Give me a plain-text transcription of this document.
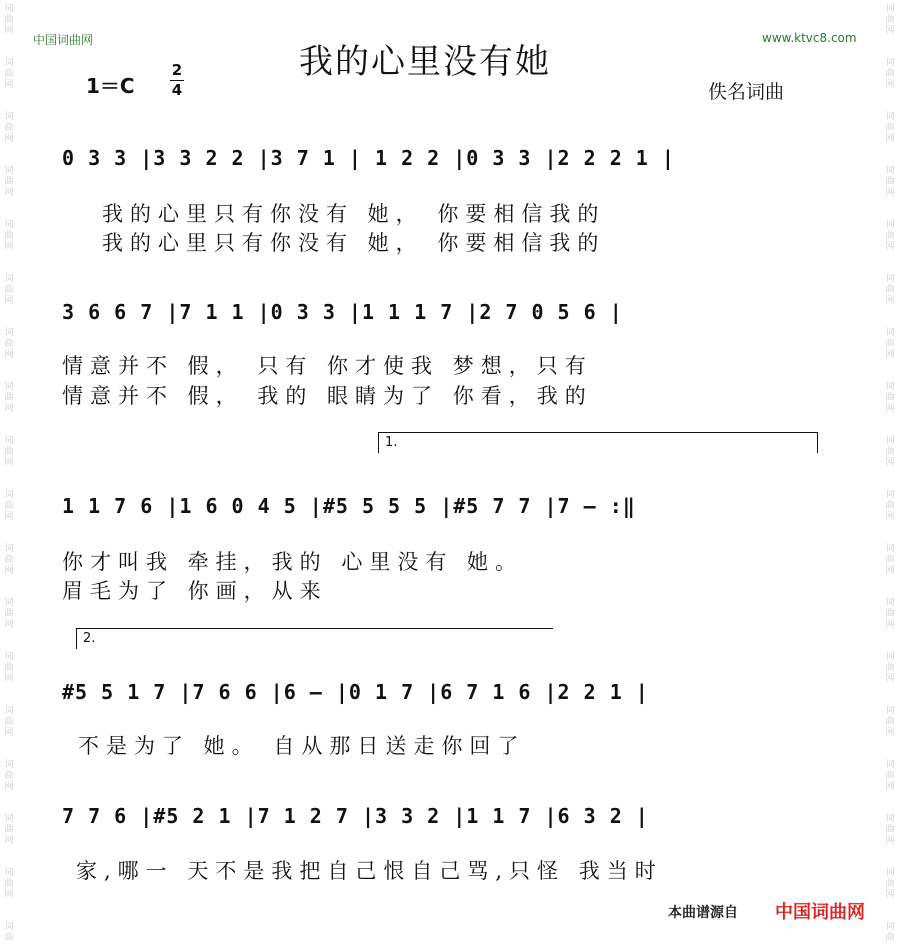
词
曲
网
词
曲
网
词
曲
网
词
曲
网
词
曲
网
词
曲
网
词
曲
网
词
曲
网
词
曲
网
词
曲
网
词
曲
网
词
曲
网
词
曲
网
词
曲
网
词
曲
网
词
曲
网
词
曲
网
词
曲
词
曲
网
词
曲
网
词
曲
网
词
曲
网
词
曲
网
词
曲
网
词
曲
网
词
曲
网
词
曲
网
词
曲
网
词
曲
网
词
曲
网
词
曲
网
词
曲
网
词
曲
网
词
曲
网
词
曲
网
词
曲
中国词曲网	www.ktvc8.com
我的心里没有她
1＝C
2
4	佚名词曲
0 3 3 |3 3 2 2 |3 7 1 | 1 2 2 |0 3 3 |2 2 2 1 |
我的心里只有你没有 她， 你要相信我的
我的心里只有你没有 她， 你要相信我的
3 6 6 7 |7 1 1 |0 3 3 |1 1 1 7 |2 7 0 5 6 |
情意并不 假， 只有 你才使我 梦想，只有
情意并不 假， 我的 眼睛为了 你看，我的
1.
1 1 7 6 |1 6 0 4 5 |#5 5 5 5 |#5 7 7 |7 — :‖
你才叫我 牵挂，我的 心里没有 她。
眉毛为了 你画，从来
2.
#5 5 1 7 |7 6 6 |6 — |0 1 7 |6 7 1 6 |2 2 1 |
不是为了 她。 自从那日送走你回了
7 7 6 |#5 2 1 |7 1 2 7 |3 3 2 |1 1 7 |6 3 2 |
家,哪一 天不是我把自己恨自己骂,只怪 我当时
本曲谱源自 中国词曲网
